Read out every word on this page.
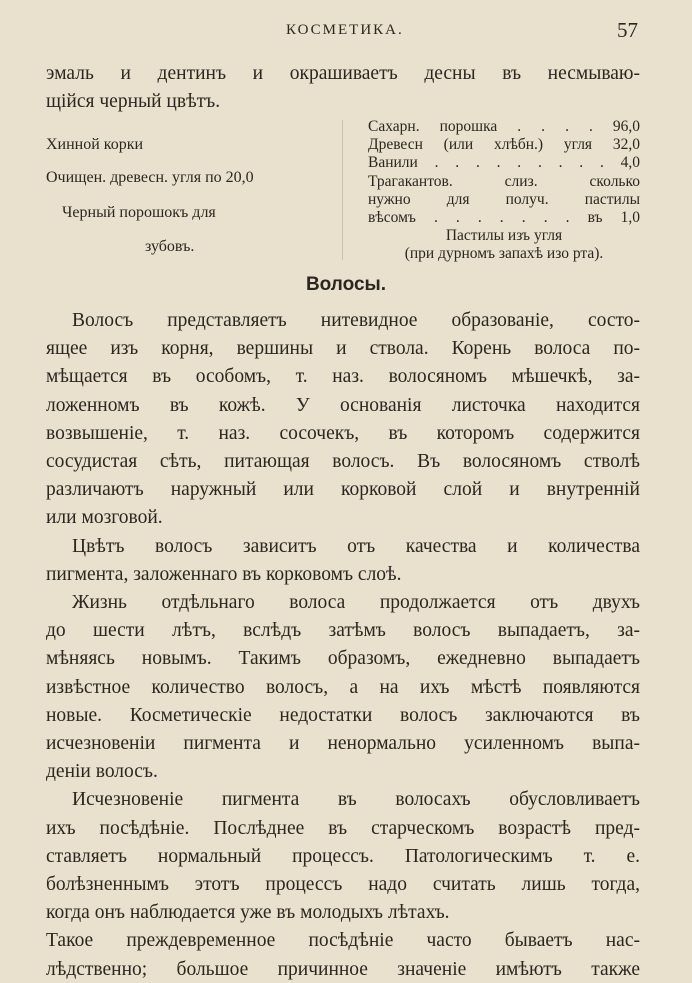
КОСМЕТИКА.	57
эмаль и дентинъ и окрашиваетъ десны въ несмываю-
щійся черный цвѣтъ.
Хинной корки
Очищен. древесн. угля по 20,0
Черный порошокъ для
зубовъ.
Сахарн. порошка . . . . 96,0
Древесн (или хлѣбн.) угля 32,0
Ванили . . . . . . . . . 4,0
Трагакантов. слиз. сколько
нужно для получ. пастилы
вѣсомъ . . . . . . . въ 1,0
Пастилы изъ угля
(при дурномъ запахѣ изо рта).
Волосы.
Волосъ представляетъ нитевидное образованіе, состо-
ящее изъ корня, вершины и ствола. Корень волоса по-
мѣщается въ особомъ, т. наз. волосяномъ мѣшечкѣ, за-
ложенномъ въ кожѣ. У основанія листочка находится
возвышеніе, т. наз. сосочекъ, въ которомъ содержится
сосудистая сѣть, питающая волосъ. Въ волосяномъ стволѣ
различаютъ наружный или корковой слой и внутренній
или мозговой.
Цвѣтъ волосъ зависитъ отъ качества и количества
пигмента, заложеннаго въ корковомъ слоѣ.
Жизнь отдѣльнаго волоса продолжается отъ двухъ
до шести лѣтъ, вслѣдъ затѣмъ волосъ выпадаетъ, за-
мѣняясь новымъ. Такимъ образомъ, ежедневно выпадаетъ
извѣстное количество волосъ, а на ихъ мѣстѣ появляются
новые. Косметическіе недостатки волосъ заключаются въ
исчезновеніи пигмента и ненормально усиленномъ выпа-
деніи волосъ.
Исчезновеніе пигмента въ волосахъ обусловливаетъ
ихъ посѣдѣніе. Послѣднее въ старческомъ возрастѣ пред-
ставляетъ нормальный процессъ. Патологическимъ т. е.
болѣзненнымъ этотъ процессъ надо считать лишь тогда,
когда онъ наблюдается уже въ молодыхъ лѣтахъ.
Такое преждевременное посѣдѣніе часто бываетъ нас-
лѣдственно; большое причинное значеніе имѣютъ также
